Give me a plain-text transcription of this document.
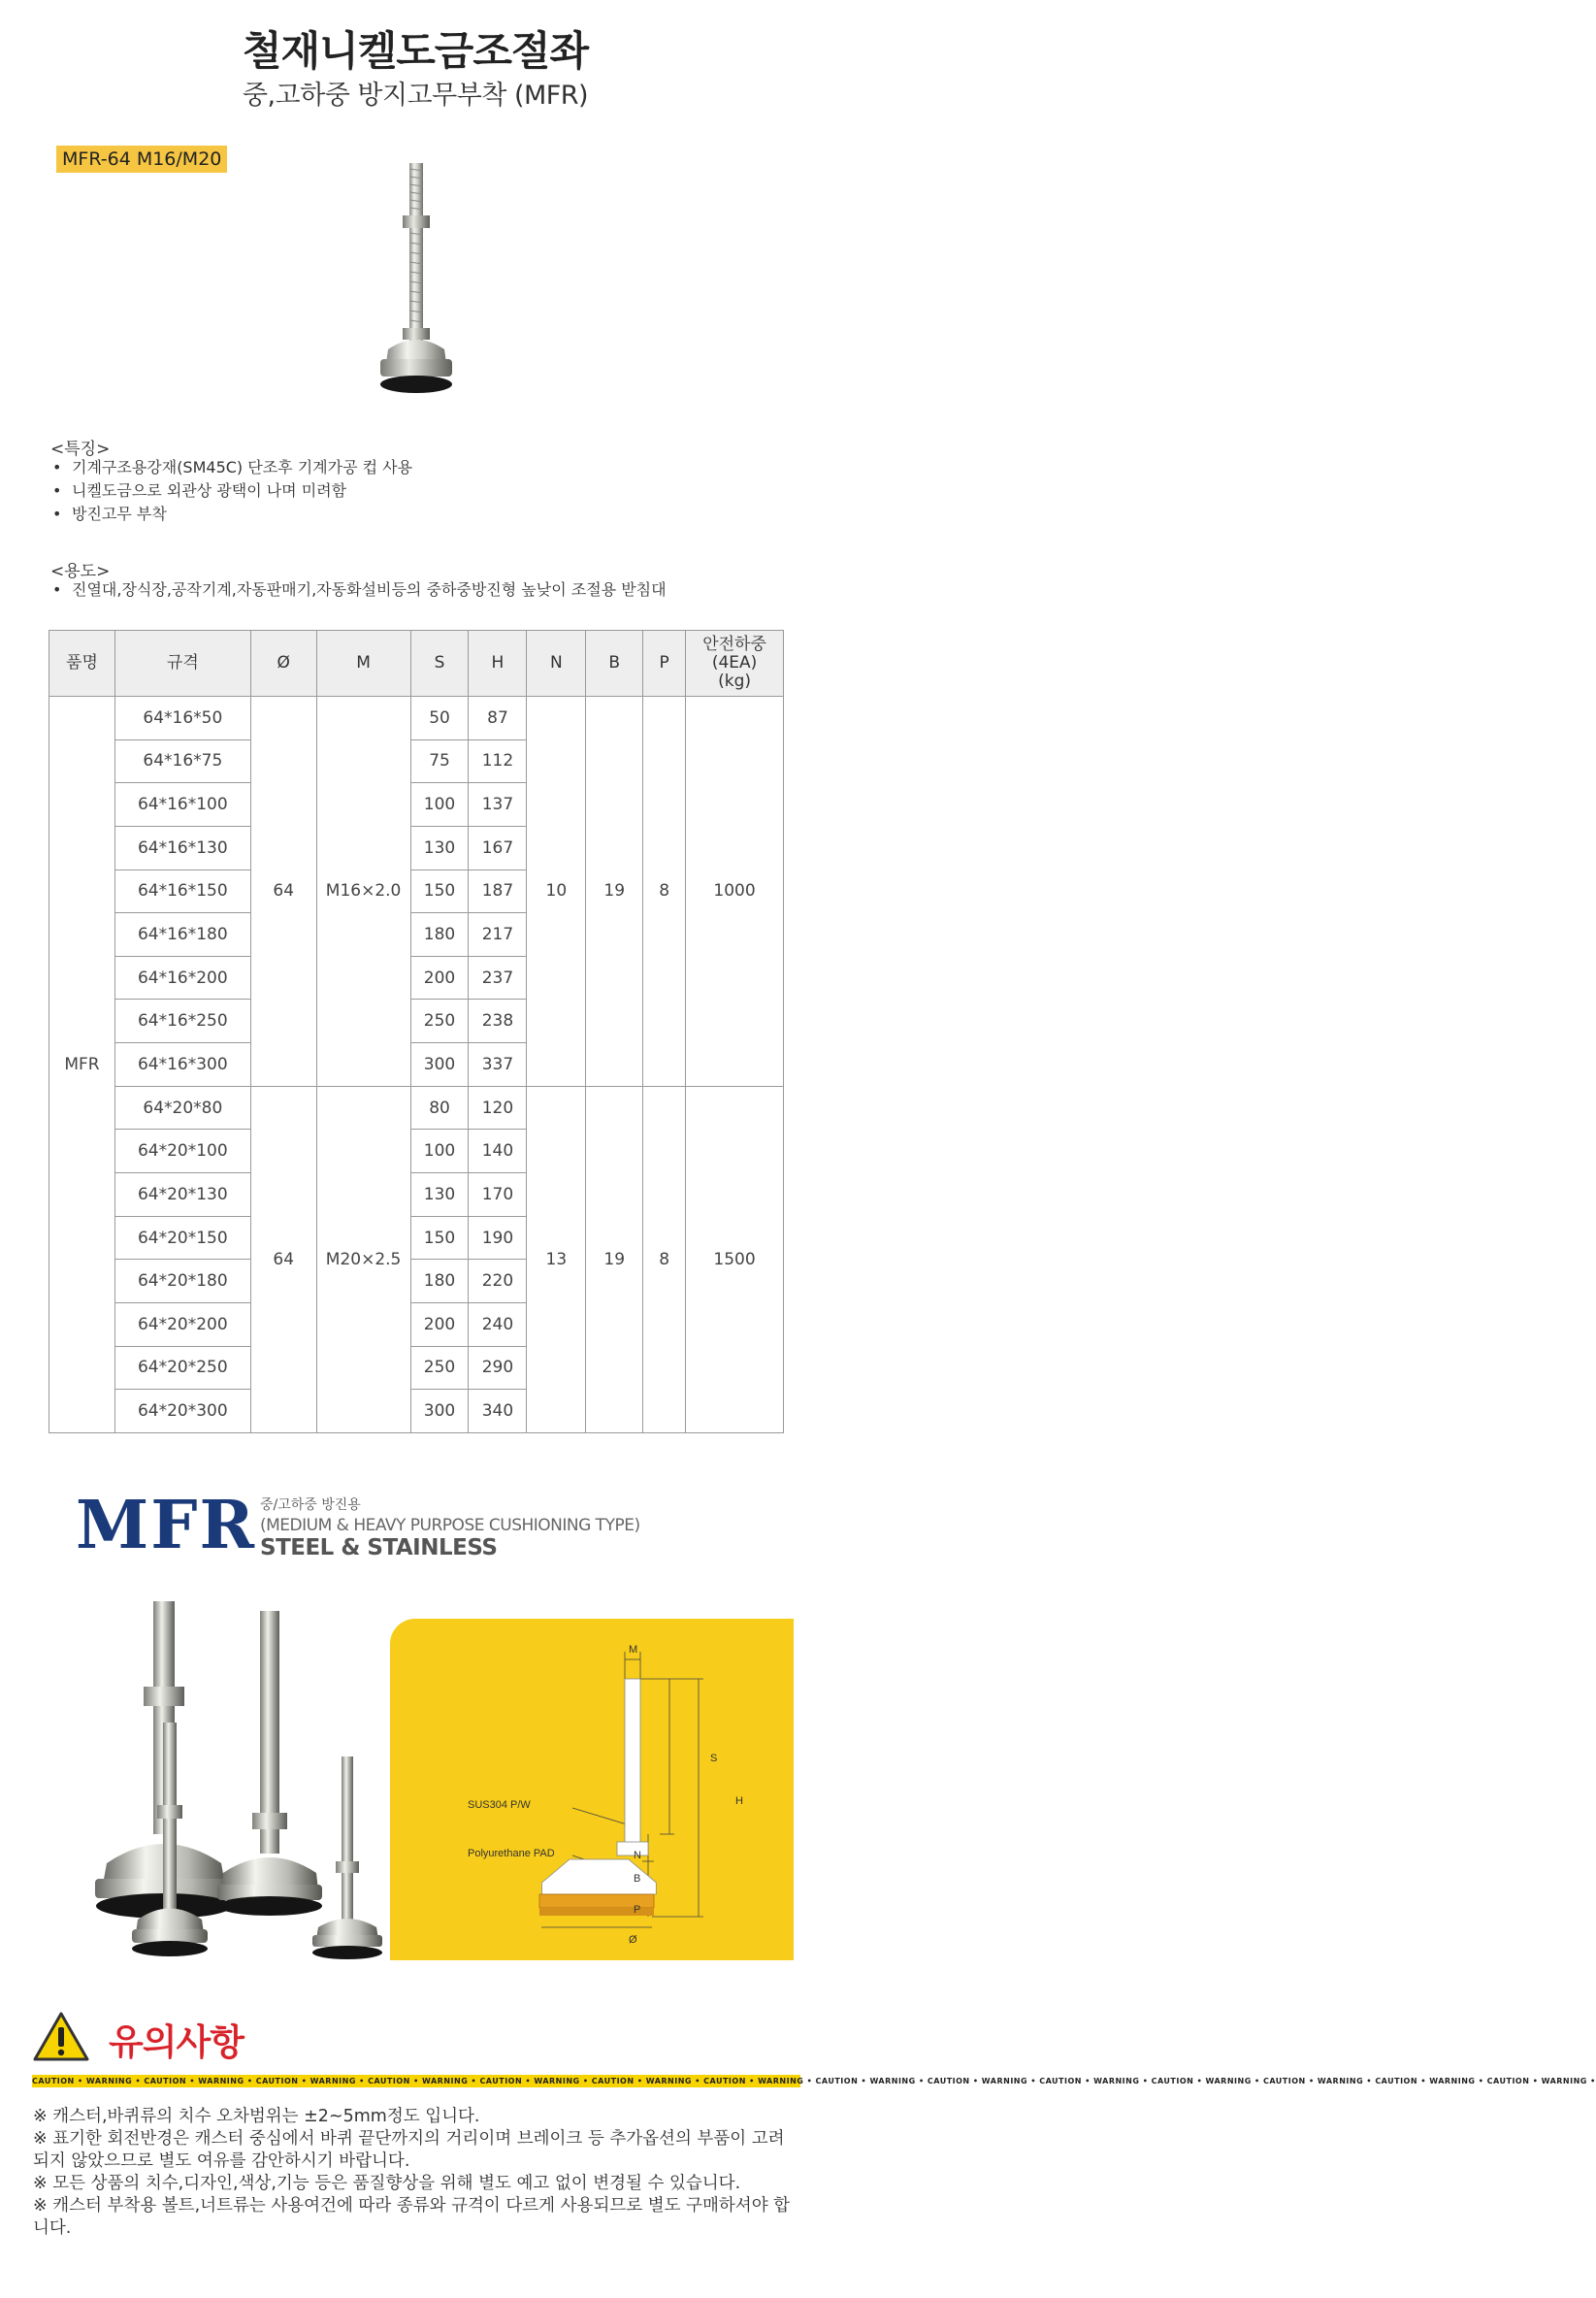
철재니켈도금조절좌
중,고하중 방지고무부착 (MFR)
MFR-64 M16/M20
<특징>
• 기계구조용강재(SM45C) 단조후 기계가공 컵 사용
• 니켈도금으로 외관상 광택이 나며 미려함
• 방진고무 부착
<용도>
• 진열대,장식장,공작기계,자동판매기,자동화설비등의 중하중방진형 높낮이 조절용 받침대
품명	규격	Ø	M	S	H	N	B	P	안전하중
(4EA)
(kg)
MFR	64*16*50	64	M16×2.0	50	87	10	19	8	1000
	64*16*75			75	112				
	64*16*100			100	137				
	64*16*130			130	167				
	64*16*150			150	187				
	64*16*180			180	217				
	64*16*200			200	237				
	64*16*250			250	238				
	64*16*300			300	337				
	64*20*80	64	M20×2.5	80	120	13	19	8	1500
	64*20*100			100	140				
	64*20*130			130	170				
	64*20*150			150	190				
	64*20*180			180	220				
	64*20*200			200	240				
	64*20*250			250	290				
	64*20*300			300	340				
MFR 중/고하중 방진용
(MEDIUM & HEAVY PURPOSE CUSHIONING TYPE)
STEEL & STAINLESS
M
S
H
N
B
P
Ø
SUS304 P/W
Polyurethane PAD
유의사항
CAUTION • WARNING • CAUTION • WARNING • CAUTION • WARNING • CAUTION • WARNING • CAUTION • WARNING • CAUTION • WARNING • CAUTION • WARNING • CAUTION • WARNING • CAUTION • WARNING • CAUTION • WARNING • CAUTION • WARNING • CAUTION • WARNING • CAUTION • WARNING • CAUTION • WARNING •

※ 캐스터,바퀴류의 치수 오차범위는 ±2~5mm정도 입니다.

※ 표기한 회전반경은 캐스터 중심에서 바퀴 끝단까지의 거리이며 브레이크 등 추가옵션의 부품이 고려되지 않았으므로 별도 여유를 감안하시기 바랍니다.

※ 모든 상품의 치수,디자인,색상,기능 등은 품질향상을 위해 별도 예고 없이 변경될 수 있습니다.

※ 캐스터 부착용 볼트,너트류는 사용여건에 따라 종류와 규격이 다르게 사용되므로 별도 구매하셔야 합니다.
